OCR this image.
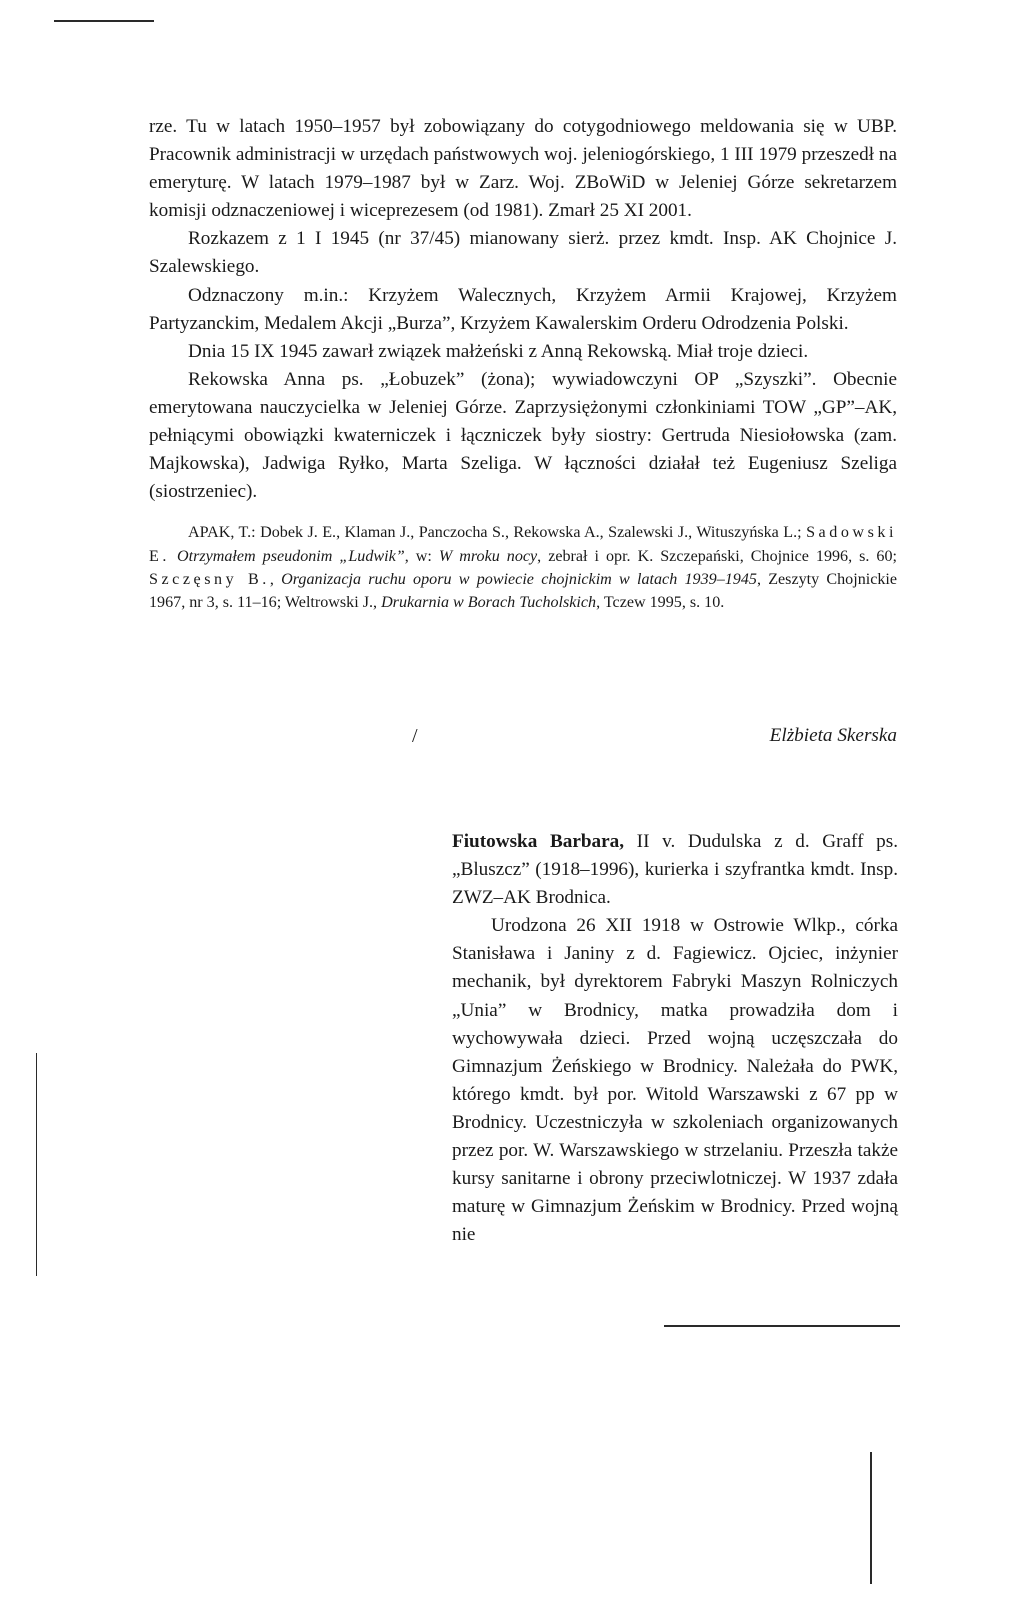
rze. Tu w latach 1950–1957 był zobowiązany do cotygodniowego meldowania się w UBP. Pracownik administracji w urzędach państwowych woj. jeleniogórskiego, 1 III 1979 przeszedł na emeryturę. W latach 1979–1987 był w Zarz. Woj. ZBoWiD w Jeleniej Górze sekretarzem komisji odznaczeniowej i wiceprezesem (od 1981). Zmarł 25 XI 2001.

Rozkazem z 1 I 1945 (nr 37/45) mianowany sierż. przez kmdt. Insp. AK Chojnice J. Szalewskiego.

Odznaczony m.in.: Krzyżem Walecznych, Krzyżem Armii Krajowej, Krzyżem Partyzanckim, Medalem Akcji „Burza”, Krzyżem Kawalerskim Orderu Odrodzenia Polski.

Dnia 15 IX 1945 zawarł związek małżeński z Anną Rekowską. Miał troje dzieci.

Rekowska Anna ps. „Łobuzek” (żona); wywiadowczyni OP „Szyszki”. Obecnie emerytowana nauczycielka w Jeleniej Górze. Zaprzysiężonymi członkiniami TOW „GP”–AK, pełniącymi obowiązki kwaterniczek i łączniczek były siostry: Gertruda Niesiołowska (zam. Majkowska), Jadwiga Ryłko, Marta Szeliga. W łączności działał też Eugeniusz Szeliga (siostrzeniec).

APAK, T.: Dobek J. E., Klaman J., Panczocha S., Rekowska A., Szalewski J., Wituszyńska L.; Sadowski E. Otrzymałem pseudonim „Ludwik”, w: W mroku nocy, zebrał i opr. K. Szczepański, Chojnice 1996, s. 60; Szczęsny B., Organizacja ruchu oporu w powiecie chojnickim w latach 1939–1945, Zeszyty Chojnickie 1967, nr 3, s. 11–16; Weltrowski J., Drukarnia w Borach Tucholskich, Tczew 1995, s. 10.

/	Elżbieta Skerska

Fiutowska Barbara, II v. Dudulska z d. Graff ps. „Bluszcz” (1918–1996), kurierka i szyfrantka kmdt. Insp. ZWZ–AK Brodnica.

Urodzona 26 XII 1918 w Ostrowie Wlkp., córka Stanisława i Janiny z d. Fagiewicz. Ojciec, inżynier mechanik, był dyrektorem Fabryki Maszyn Rolniczych „Unia” w Brodnicy, matka prowadziła dom i wychowywała dzieci. Przed wojną uczęszczała do Gimnazjum Żeńskiego w Brodnicy. Należała do PWK, którego kmdt. był por. Witold Warszawski z 67 pp w Brodnicy. Uczestniczyła w szkoleniach organizowanych przez por. W. Warszawskiego w strzelaniu. Przeszła także kursy sanitarne i obrony przeciwlotniczej. W 1937 zdała maturę w Gimnazjum Żeńskim w Brodnicy. Przed wojną nie
